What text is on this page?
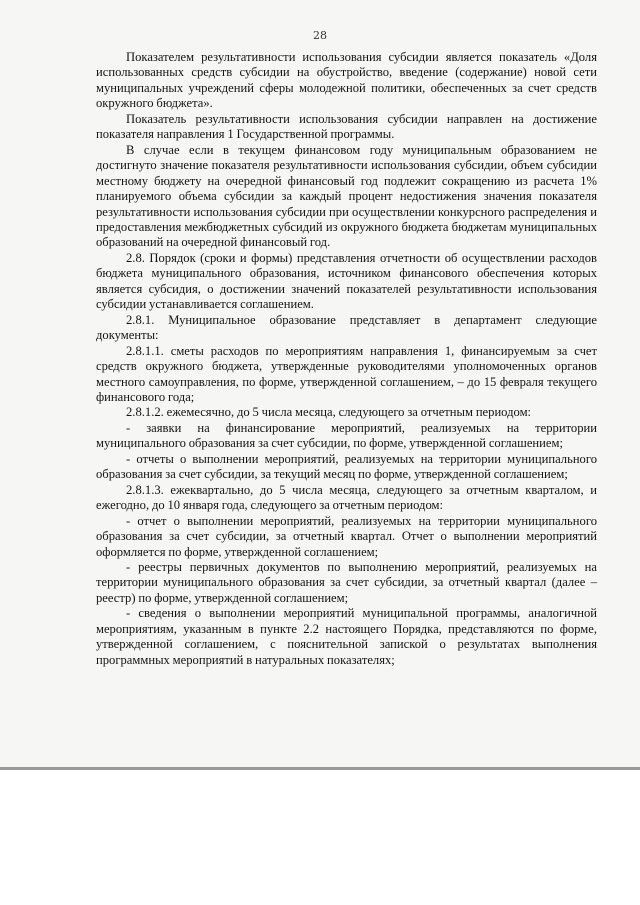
28

Показателем результативности использования субсидии является показатель «Доля использованных средств субсидии на обустройство, введение (содержание) новой сети муниципальных учреждений сферы молодежной политики, обеспеченных за счет средств окружного бюджета».

Показатель результативности использования субсидии направлен на достижение показателя направления 1 Государственной программы.

В случае если в текущем финансовом году муниципальным образованием не достигнуто значение показателя результативности использования субсидии, объем субсидии местному бюджету на очередной финансовый год подлежит сокращению из расчета 1% планируемого объема субсидии за каждый процент недостижения значения показателя результативности использования субсидии при осуществлении конкурсного распределения и предоставления межбюджетных субсидий из окружного бюджета бюджетам муниципальных образований на очередной финансовый год.

2.8. Порядок (сроки и формы) представления отчетности об осуществлении расходов бюджета муниципального образования, источником финансового обеспечения которых является субсидия, о достижении значений показателей результативности использования субсидии устанавливается соглашением.

2.8.1. Муниципальное образование представляет в департамент следующие документы:

2.8.1.1. сметы расходов по мероприятиям направления 1, финансируемым за счет средств окружного бюджета, утвержденные руководителями уполномоченных органов местного самоуправления, по форме, утвержденной соглашением, – до 15 февраля текущего финансового года;

2.8.1.2. ежемесячно, до 5 числа месяца, следующего за отчетным периодом:

- заявки на финансирование мероприятий, реализуемых на территории муниципального образования за счет субсидии, по форме, утвержденной соглашением;

- отчеты о выполнении мероприятий, реализуемых на территории муниципального образования за счет субсидии, за текущий месяц по форме, утвержденной соглашением;

2.8.1.3. ежеквартально, до 5 числа месяца, следующего за отчетным кварталом, и ежегодно, до 10 января года, следующего за отчетным периодом:

- отчет о выполнении мероприятий, реализуемых на территории муниципального образования за счет субсидии, за отчетный квартал. Отчет о выполнении мероприятий оформляется по форме, утвержденной соглашением;

- реестры первичных документов по выполнению мероприятий, реализуемых на территории муниципального образования за счет субсидии, за отчетный квартал (далее – реестр) по форме, утвержденной соглашением;

- сведения о выполнении мероприятий муниципальной программы, аналогичной мероприятиям, указанным в пункте 2.2 настоящего Порядка, представляются по форме, утвержденной соглашением, с пояснительной запиской о результатах выполнения программных мероприятий в натуральных показателях;
